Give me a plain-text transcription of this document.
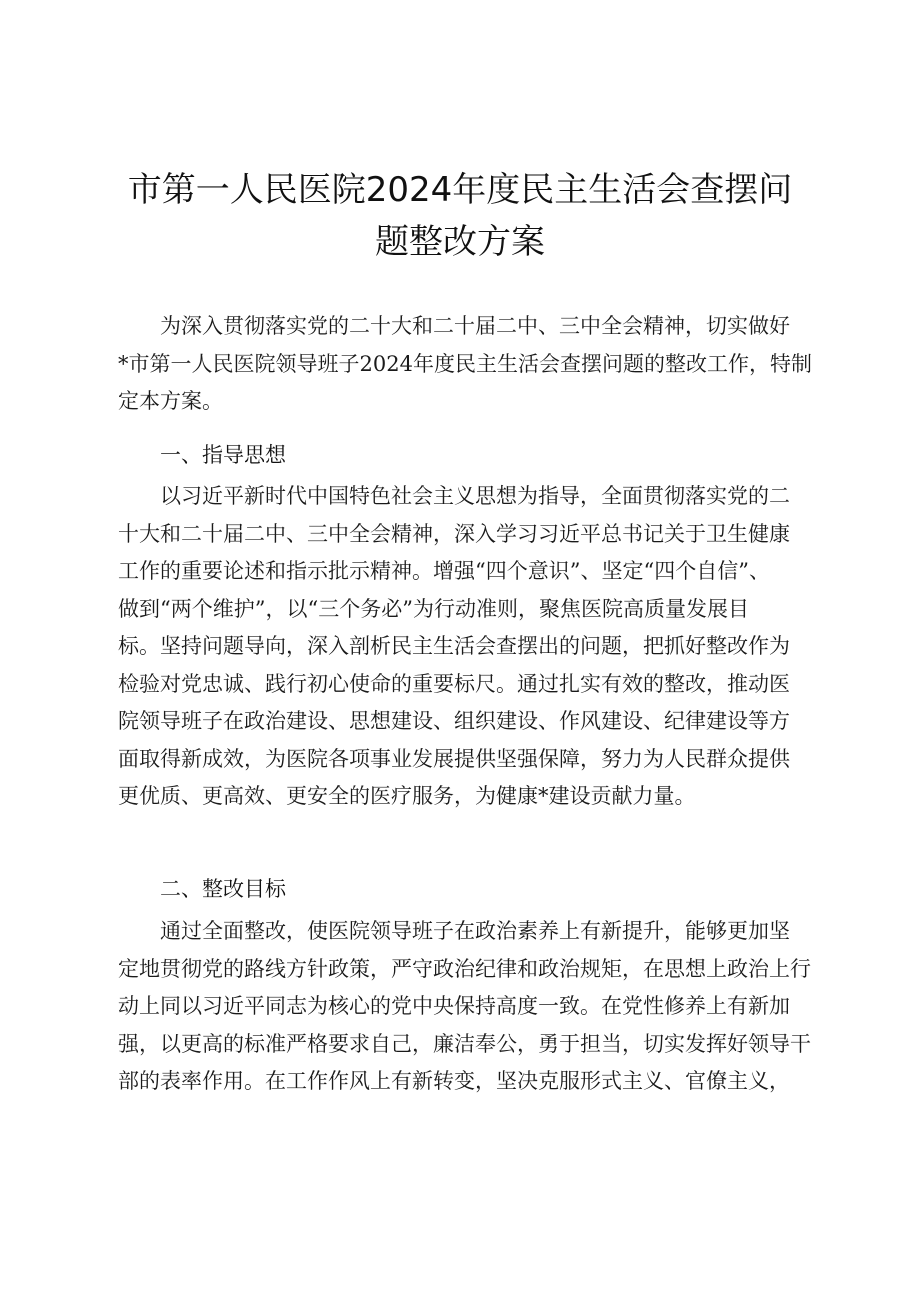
市第一人民医院2024年度民主生活会查摆问
题整改方案
为深入贯彻落实党的二十大和二十届二中、三中全会精神，切实做好
*市第一人民医院领导班子2024年度民主生活会查摆问题的整改工作，特制
定本方案。
一、指导思想
以习近平新时代中国特色社会主义思想为指导，全面贯彻落实党的二
十大和二十届二中、三中全会精神，深入学习习近平总书记关于卫生健康
工作的重要论述和指示批示精神。增强“四个意识”、坚定“四个自信”、
做到“两个维护”，以“三个务必”为行动准则，聚焦医院高质量发展目
标。坚持问题导向，深入剖析民主生活会查摆出的问题，把抓好整改作为
检验对党忠诚、践行初心使命的重要标尺。通过扎实有效的整改，推动医
院领导班子在政治建设、思想建设、组织建设、作风建设、纪律建设等方
面取得新成效，为医院各项事业发展提供坚强保障，努力为人民群众提供
更优质、更高效、更安全的医疗服务，为健康*建设贡献力量。
二、整改目标
通过全面整改，使医院领导班子在政治素养上有新提升，能够更加坚
定地贯彻党的路线方针政策，严守政治纪律和政治规矩，在思想上政治上行
动上同以习近平同志为核心的党中央保持高度一致。在党性修养上有新加
强，以更高的标准严格要求自己，廉洁奉公，勇于担当，切实发挥好领导干
部的表率作用。在工作作风上有新转变，坚决克服形式主义、官僚主义，
